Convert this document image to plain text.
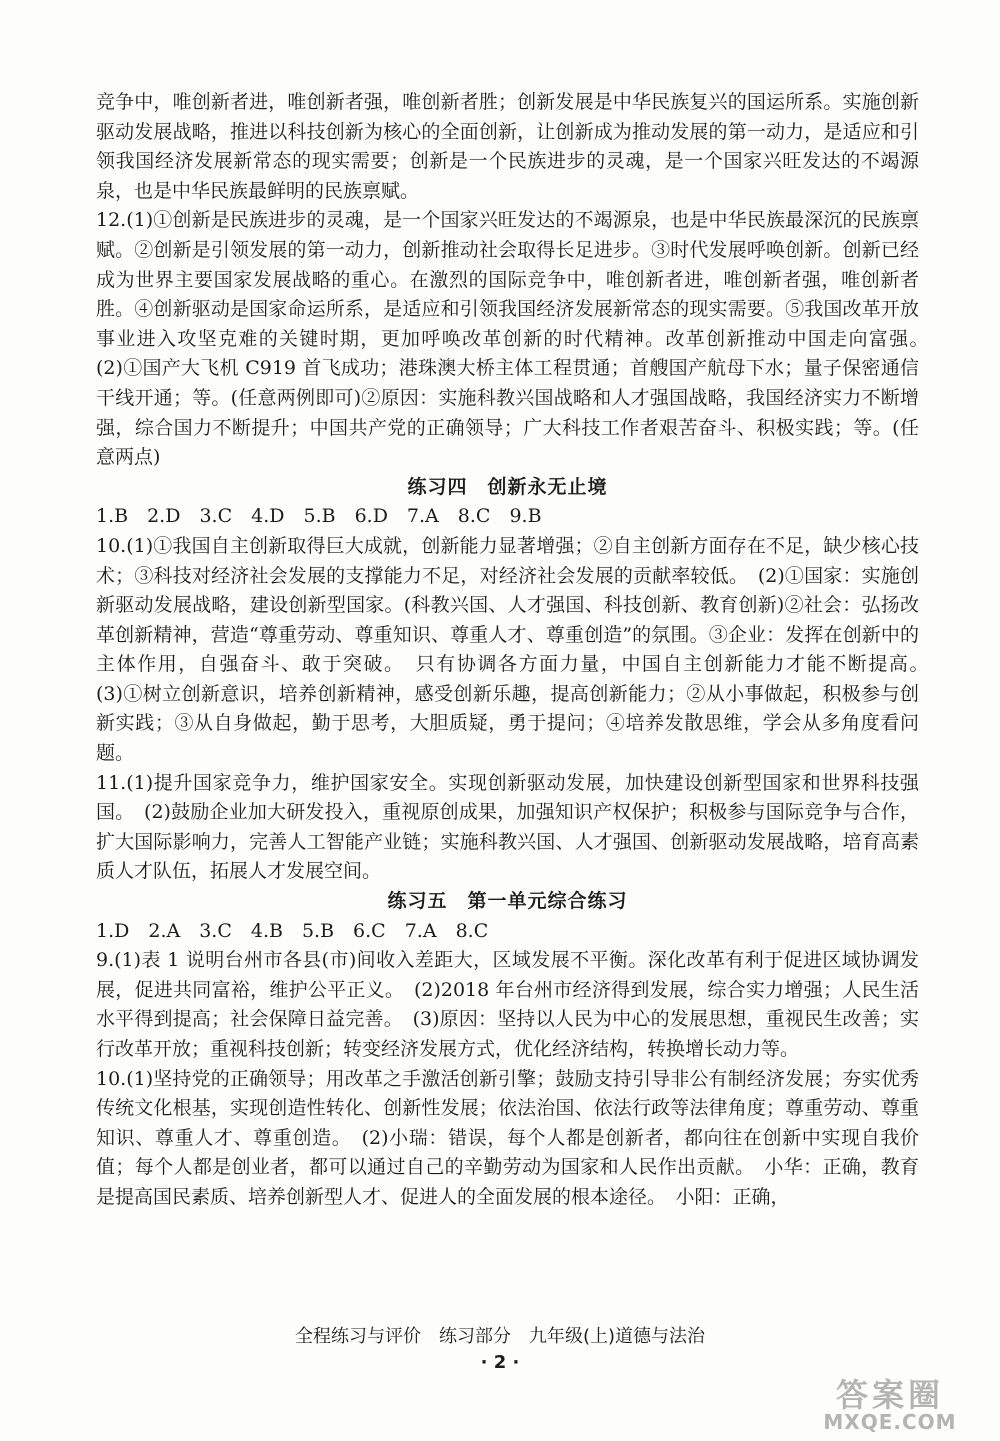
竞争中，唯创新者进，唯创新者强，唯创新者胜；创新发展是中华民族复兴的国运所系。实施创新驱动发展战略，推进以科技创新为核心的全面创新，让创新成为推动发展的第一动力，是适应和引领我国经济发展新常态的现实需要；创新是一个民族进步的灵魂，是一个国家兴旺发达的不竭源泉，也是中华民族最鲜明的民族禀赋。

12.(1)①创新是民族进步的灵魂，是一个国家兴旺发达的不竭源泉，也是中华民族最深沉的民族禀赋。②创新是引领发展的第一动力，创新推动社会取得长足进步。③时代发展呼唤创新。创新已经成为世界主要国家发展战略的重心。在激烈的国际竞争中，唯创新者进，唯创新者强，唯创新者胜。④创新驱动是国家命运所系，是适应和引领我国经济发展新常态的现实需要。⑤我国改革开放事业进入攻坚克难的关键时期，更加呼唤改革创新的时代精神。改革创新推动中国走向富强。　(2)①国产大飞机 C919 首飞成功；港珠澳大桥主体工程贯通；首艘国产航母下水；量子保密通信干线开通；等。(任意两例即可)②原因：实施科教兴国战略和人才强国战略，我国经济实力不断增强，综合国力不断提升；中国共产党的正确领导；广大科技工作者艰苦奋斗、积极实践；等。(任意两点)

练习四　创新永无止境

1.B　2.D　3.C　4.D　5.B　6.D　7.A　8.C　9.B

10.(1)①我国自主创新取得巨大成就，创新能力显著增强；②自主创新方面存在不足，缺少核心技术；③科技对经济社会发展的支撑能力不足，对经济社会发展的贡献率较低。　(2)①国家：实施创新驱动发展战略，建设创新型国家。(科教兴国、人才强国、科技创新、教育创新)②社会：弘扬改革创新精神，营造“尊重劳动、尊重知识、尊重人才、尊重创造”的氛围。③企业：发挥在创新中的主体作用，自强奋斗、敢于突破。　只有协调各方面力量，中国自主创新能力才能不断提高。　(3)①树立创新意识，培养创新精神，感受创新乐趣，提高创新能力；②从小事做起，积极参与创新实践；③从自身做起，勤于思考，大胆质疑，勇于提问；④培养发散思维，学会从多角度看问题。

11.(1)提升国家竞争力，维护国家安全。实现创新驱动发展，加快建设创新型国家和世界科技强国。　(2)鼓励企业加大研发投入，重视原创成果，加强知识产权保护；积极参与国际竞争与合作，扩大国际影响力，完善人工智能产业链；实施科教兴国、人才强国、创新驱动发展战略，培育高素质人才队伍，拓展人才发展空间。

练习五　第一单元综合练习

1.D　2.A　3.C　4.B　5.B　6.C　7.A　8.C

9.(1)表 1 说明台州市各县(市)间收入差距大，区域发展不平衡。深化改革有利于促进区域协调发展，促进共同富裕，维护公平正义。　(2)2018 年台州市经济得到发展，综合实力增强；人民生活水平得到提高；社会保障日益完善。　(3)原因：坚持以人民为中心的发展思想，重视民生改善；实行改革开放；重视科技创新；转变经济发展方式，优化经济结构，转换增长动力等。

10.(1)坚持党的正确领导；用改革之手激活创新引擎；鼓励支持引导非公有制经济发展；夯实优秀传统文化根基，实现创造性转化、创新性发展；依法治国、依法行政等法律角度；尊重劳动、尊重知识、尊重人才、尊重创造。　(2)小瑞：错误，每个人都是创新者，都向往在创新中实现自我价值；每个人都是创业者，都可以通过自己的辛勤劳动为国家和人民作出贡献。　小华：正确，教育是提高国民素质、培养创新型人才、促进人的全面发展的根本途径。　小阳：正确，

全程练习与评价　练习部分　九年级(上)道德与法治
· 2 ·
答案圈
MXQE.COM
